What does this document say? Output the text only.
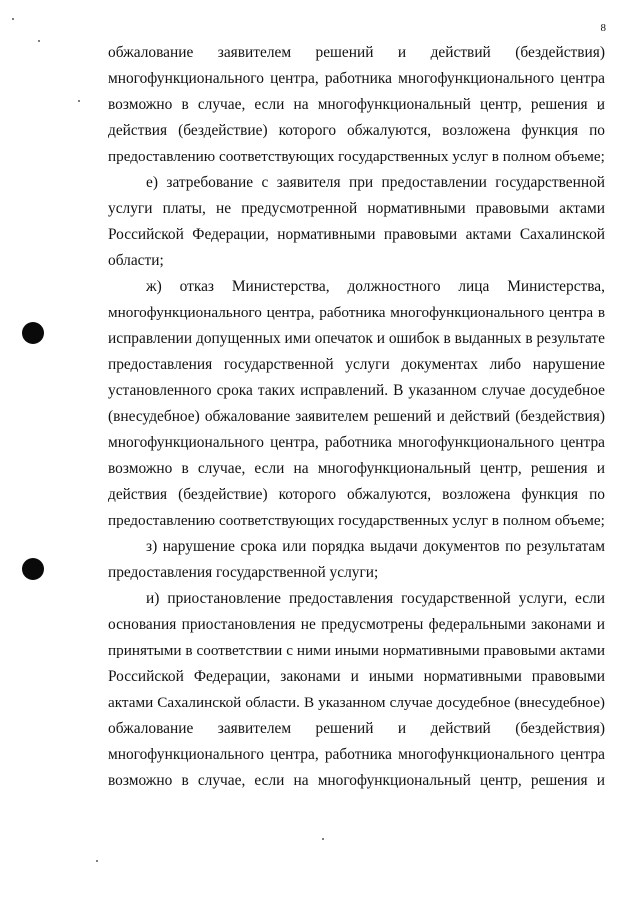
8
обжалование заявителем решений и действий (бездействия)
многофункционального центра, работника многофункционального центра
возможно в случае, если на многофункциональный центр, решения и
действия (бездействие) которого обжалуются, возложена функция по
предоставлению соответствующих государственных услуг в полном объеме;
е) затребование с заявителя при предоставлении государственной
услуги платы, не предусмотренной нормативными правовыми актами
Российской Федерации, нормативными правовыми актами Сахалинской
области;
ж) отказ Министерства, должностного лица Министерства,
многофункционального центра, работника многофункционального центра в
исправлении допущенных ими опечаток и ошибок в выданных в результате
предоставления государственной услуги документах либо нарушение
установленного срока таких исправлений. В указанном случае досудебное
(внесудебное) обжалование заявителем решений и действий (бездействия)
многофункционального центра, работника многофункционального центра
возможно в случае, если на многофункциональный центр, решения и
действия (бездействие) которого обжалуются, возложена функция по
предоставлению соответствующих государственных услуг в полном объеме;
з) нарушение срока или порядка выдачи документов по результатам
предоставления государственной услуги;
и) приостановление предоставления государственной услуги, если
основания приостановления не предусмотрены федеральными законами и
принятыми в соответствии с ними иными нормативными правовыми актами
Российской Федерации, законами и иными нормативными правовыми
актами Сахалинской области. В указанном случае досудебное (внесудебное)
обжалование заявителем решений и действий (бездействия)
многофункционального центра, работника многофункционального центра
возможно в случае, если на многофункциональный центр, решения и
